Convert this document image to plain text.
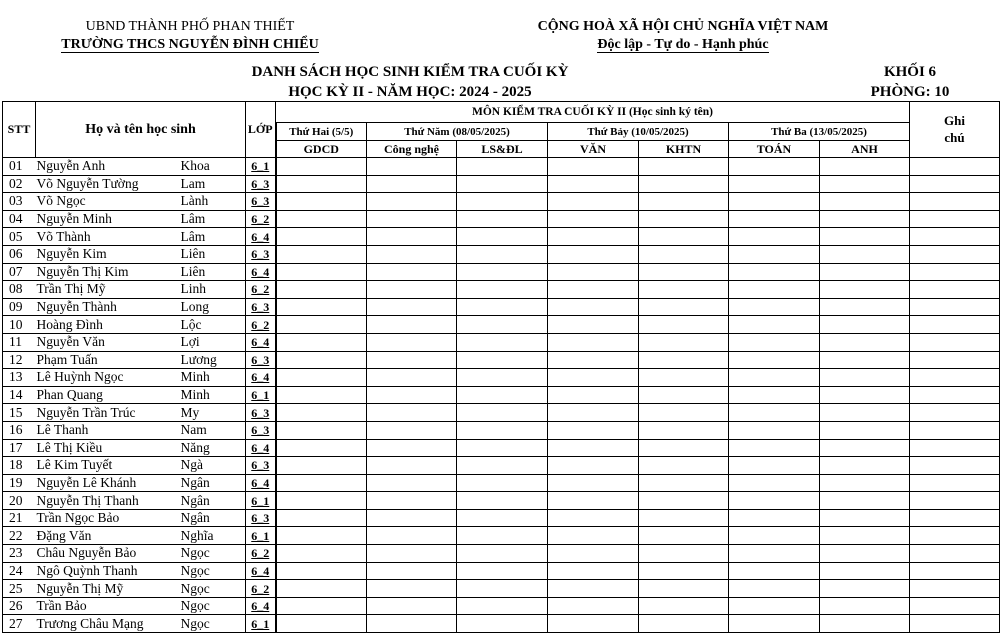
UBND THÀNH PHỐ PHAN THIẾT
TRƯỜNG THCS NGUYỄN ĐÌNH CHIỂU
CỘNG HOÀ XÃ HỘI CHỦ NGHĨA VIỆT NAM
Độc lập - Tự do - Hạnh phúc
DANH SÁCH HỌC SINH KIỂM TRA CUỐI KỲ
HỌC KỲ II - NĂM HỌC: 2024 - 2025
KHỐI 6
PHÒNG: 10
STT	Họ và tên học sinh		LỚP	MÔN KIỂM TRA CUỐI KỲ II (Học sinh ký tên)							Ghi chú
				Thứ Hai (5/5)	Thứ Năm (08/05/2025)		Thứ Bảy (10/05/2025)		Thứ Ba (13/05/2025)		
				GDCD	Công nghệ	LS&ĐL	VĂN	KHTN	TOÁN	ANH	
01	Nguyễn Anh	Khoa	6_1								
02	Võ Nguyễn Tường	Lam	6_3								
03	Võ Ngọc	Lành	6_3								
04	Nguyễn Minh	Lâm	6_2								
05	Võ Thành	Lâm	6_4								
06	Nguyễn Kim	Liên	6_3								
07	Nguyễn Thị Kim	Liên	6_4								
08	Trần Thị Mỹ	Linh	6_2								
09	Nguyễn Thành	Long	6_3								
10	Hoàng Đình	Lộc	6_2								
11	Nguyễn Văn	Lợi	6_4								
12	Phạm Tuấn	Lương	6_3								
13	Lê Huỳnh Ngọc	Minh	6_4								
14	Phan Quang	Minh	6_1								
15	Nguyễn Trần Trúc	My	6_3								
16	Lê Thanh	Nam	6_3								
17	Lê Thị Kiều	Năng	6_4								
18	Lê Kim Tuyết	Ngà	6_3								
19	Nguyễn Lê Khánh	Ngân	6_4								
20	Nguyễn Thị Thanh	Ngân	6_1								
21	Trần Ngọc Bảo	Ngân	6_3								
22	Đặng Văn	Nghĩa	6_1								
23	Châu Nguyễn Bảo	Ngọc	6_2								
24	Ngô Quỳnh Thanh	Ngọc	6_4								
25	Nguyễn Thị Mỹ	Ngọc	6_2								
26	Trần Bảo	Ngọc	6_4								
27	Trương Châu Mạng	Ngọc	6_1								
